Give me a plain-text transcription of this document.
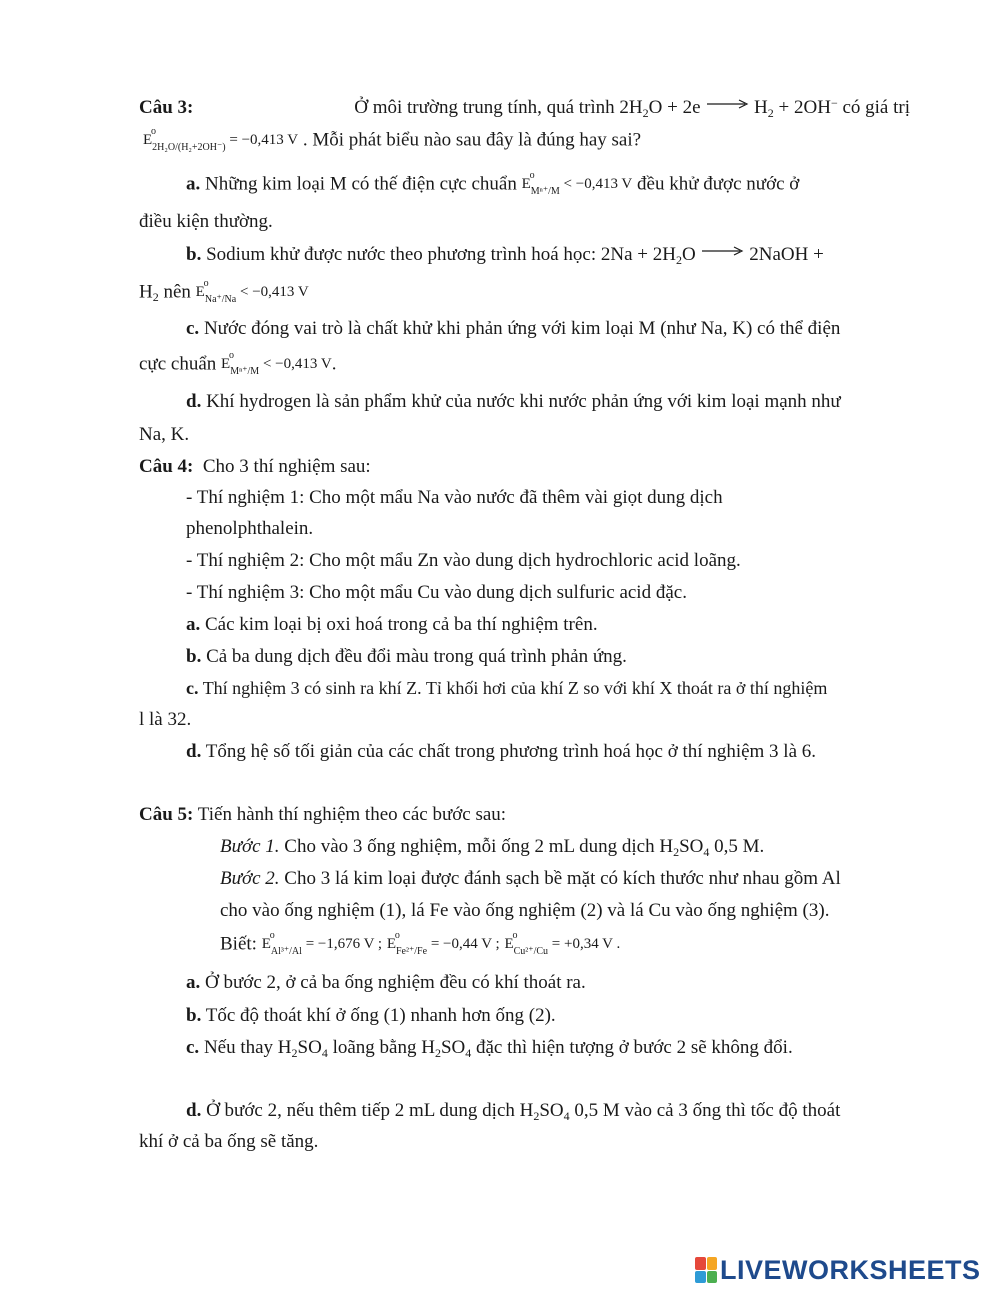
Câu 3:	Ở môi trường trung tính, quá trình $2H_2O + 2e \to H_2 + 2OH^-$ có giá trị
E
o
$_{2H_2O/(H_2+2OH^-)}$ = −0,413 V . Mỗi phát biểu nào sau đây là đúng hay sai?
a. Những kim loại M có thế điện cực chuẩn E
o
$_{M^{n+}/M}$ < −0,413 V đều khử được nước ở
điều kiện thường.
b. Sodium khử được nước theo phương trình hoá học: $2Na + 2H_2O$ → 2NaOH +
$H_2$ nên E
o
$_{Na^+/Na}$ < −0,413 V
c. Nước đóng vai trò là chất khử khi phản ứng với kim loại M (như Na, K) có thể điện
cực chuẩn E
o
$_{M^{n+}/M}$ < −0,413 V.
d. Khí hydrogen là sản phẩm khử của nước khi nước phản ứng với kim loại mạnh như
Na, K.
Câu 4: Cho 3 thí nghiệm sau:
- Thí nghiệm 1: Cho một mẩu Na vào nước đã thêm vài giọt dung dịch
phenolphthalein.
- Thí nghiệm 2: Cho một mẩu Zn vào dung dịch hydrochloric acid loãng.
- Thí nghiệm 3: Cho một mẩu Cu vào dung dịch sulfuric acid đặc.
a. Các kim loại bị oxi hoá trong cả ba thí nghiệm trên.
b. Cả ba dung dịch đều đổi màu trong quá trình phản ứng.
c. Thí nghiệm 3 có sinh ra khí Z. Tỉ khối hơi của khí Z so với khí X thoát ra ở thí nghiệm
l là 32.
d. Tổng hệ số tối giản của các chất trong phương trình hoá học ở thí nghiệm 3 là 6.
Câu 5: Tiến hành thí nghiệm theo các bước sau:
Bước 1. Cho vào 3 ống nghiệm, mỗi ống 2 mL dung dịch $H_2SO_4$ 0,5 M.
Bước 2. Cho 3 lá kim loại được đánh sạch bề mặt có kích thước như nhau gồm Al
cho vào ống nghiệm (1), lá Fe vào ống nghiệm (2) và lá Cu vào ống nghiệm (3).
Biết: E
o
$_{Al^{3+}/Al}$ = −1,676 V ; E
o
$_{Fe^{2+}/Fe}$ = −0,44 V ; E
o
$_{Cu^{2+}/Cu}$ = +0,34 V .
a. Ở bước 2, ở cả ba ống nghiệm đều có khí thoát ra.
b. Tốc độ thoát khí ở ống (1) nhanh hơn ống (2).
c. Nếu thay $H_2SO_4$ loãng bằng $H_2SO_4$ đặc thì hiện tượng ở bước 2 sẽ không đổi.
d. Ở bước 2, nếu thêm tiếp 2 mL dung dịch $H_2SO_4$ 0,5 M vào cả 3 ống thì tốc độ thoát
khí ở cả ba ống sẽ tăng.
LIVEWORKSHEETS
